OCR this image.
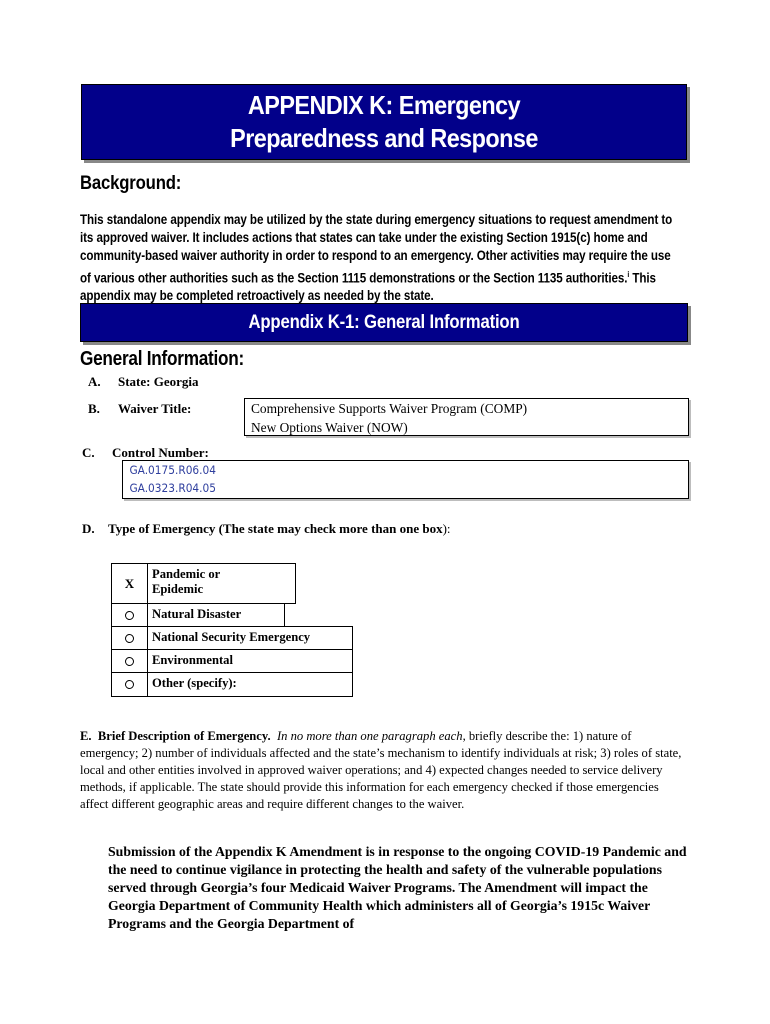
APPENDIX K: Emergency Preparedness and Response
Background:
This standalone appendix may be utilized by the state during emergency situations to request amendment to its approved waiver. It includes actions that states can take under the existing Section 1915(c) home and community-based waiver authority in order to respond to an emergency. Other activities may require the use of various other authorities such as the Section 1115 demonstrations or the Section 1135 authorities.$^i$ This appendix may be completed retroactively as needed by the state.
Appendix K-1: General Information
General Information:
A. State: Georgia
B. Waiver Title:	Comprehensive Supports Waiver Program (COMP)
New Options Waiver (NOW)
C. Control Number:
GA.0175.R06.04
GA.0323.R04.05
D. Type of Emergency (The state may check more than one box):
X
Pandemic or Epidemic
Natural Disaster
National Security Emergency
Environmental
Other (specify):
E. Brief Description of Emergency. In no more than one paragraph each, briefly describe the: 1) nature of emergency; 2) number of individuals affected and the state’s mechanism to identify individuals at risk; 3) roles of state, local and other entities involved in approved waiver operations; and 4) expected changes needed to service delivery methods, if applicable. The state should provide this information for each emergency checked if those emergencies affect different geographic areas and require different changes to the waiver.
Submission of the Appendix K Amendment is in response to the ongoing COVID-19 Pandemic and the need to continue vigilance in protecting the health and safety of the vulnerable populations served through Georgia’s four Medicaid Waiver Programs. The Amendment will impact the Georgia Department of Community Health which administers all of Georgia’s 1915c Waiver Programs and the Georgia Department of
